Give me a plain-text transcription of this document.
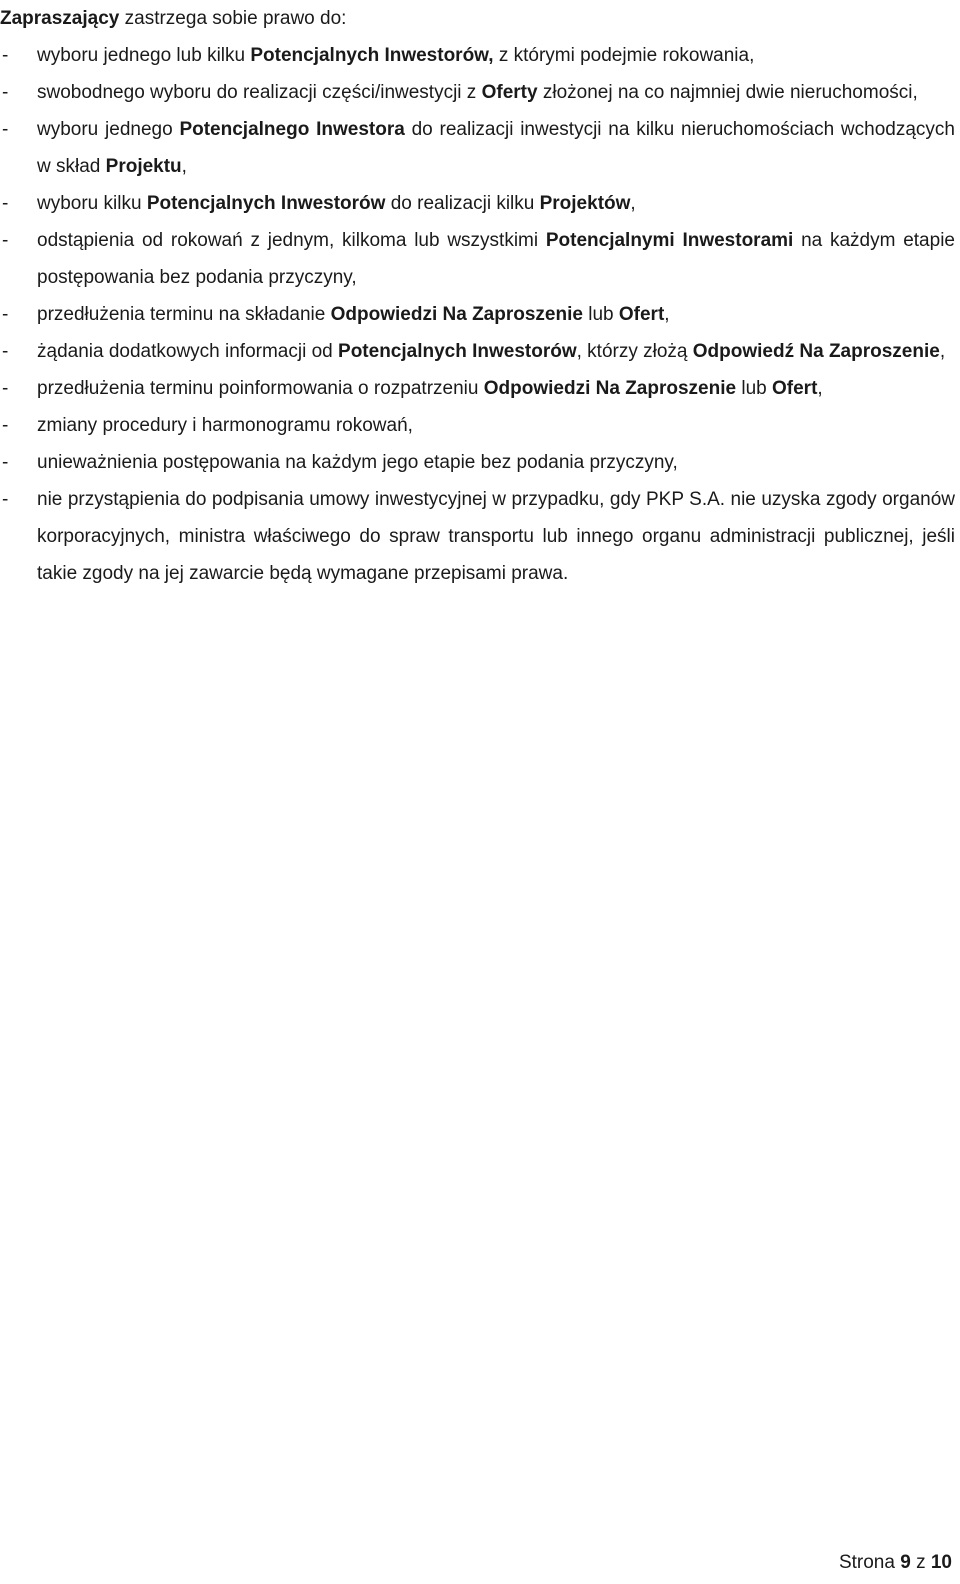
Zapraszający zastrzega sobie prawo do:

- wyboru jednego lub kilku Potencjalnych Inwestorów, z którymi podejmie rokowania,
- swobodnego wyboru do realizacji części/inwestycji z Oferty złożonej na co najmniej dwie nieruchomości,
- wyboru jednego Potencjalnego Inwestora do realizacji inwestycji na kilku nieruchomościach wchodzących w skład Projektu,
- wyboru kilku Potencjalnych Inwestorów do realizacji kilku Projektów,
- odstąpienia od rokowań z jednym, kilkoma lub wszystkimi Potencjalnymi Inwestorami na każdym etapie postępowania bez podania przyczyny,
- przedłużenia terminu na składanie Odpowiedzi Na Zaproszenie lub Ofert,
- żądania dodatkowych informacji od Potencjalnych Inwestorów, którzy złożą Odpowiedź Na Zaproszenie,
- przedłużenia terminu poinformowania o rozpatrzeniu Odpowiedzi Na Zaproszenie lub Ofert,
- zmiany procedury i harmonogramu rokowań,
- unieważnienia postępowania na każdym jego etapie bez podania przyczyny,
- nie przystąpienia do podpisania umowy inwestycyjnej w przypadku, gdy PKP S.A. nie uzyska zgody organów korporacyjnych, ministra właściwego do spraw transportu lub innego organu administracji publicznej, jeśli takie zgody na jej zawarcie będą wymagane przepisami prawa.
Strona 9 z 10
